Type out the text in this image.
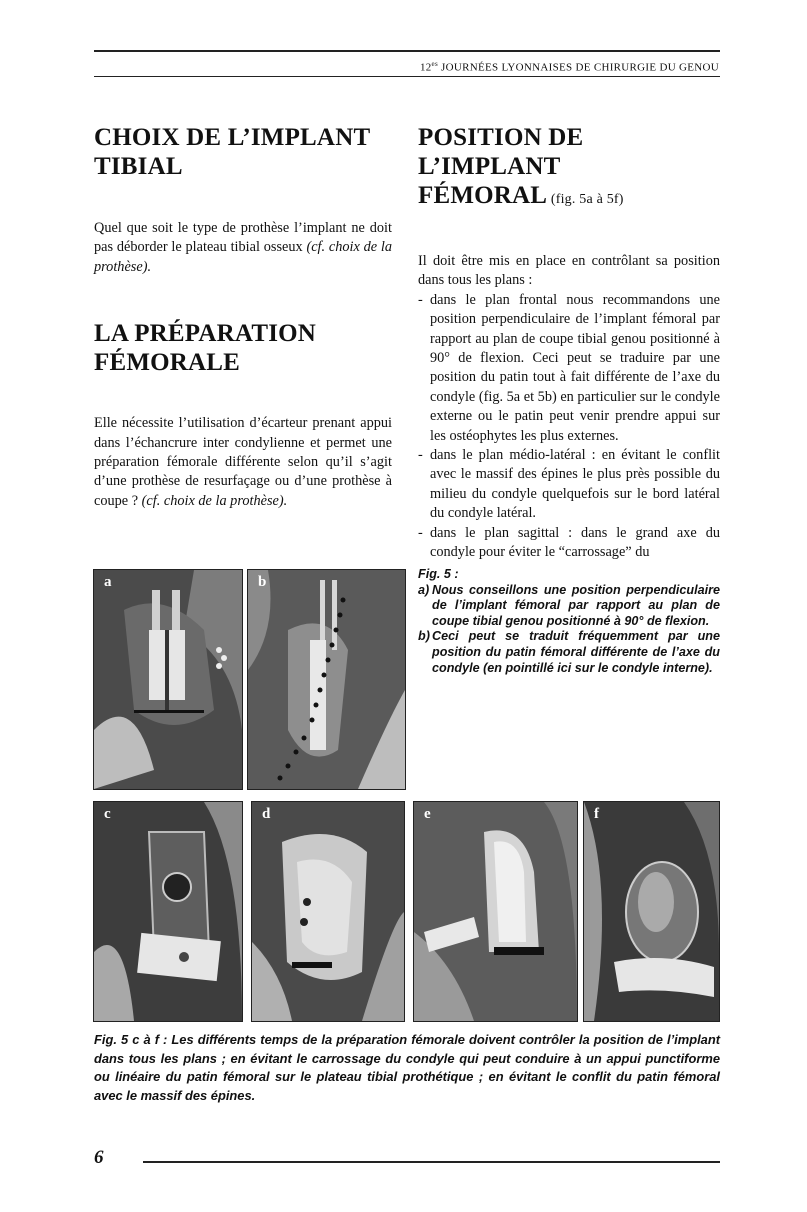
$12^{es}$ JOURNÉES LYONNAISES DE CHIRURGIE DU GENOU
CHOIX DE L’IMPLANT
TIBIAL

Quel que soit le type de prothèse l’implant ne doit pas déborder le plateau tibial osseux (cf. choix de la prothèse).

LA PRÉPARATION
FÉMORALE

Elle nécessite l’utilisation d’écarteur prenant appui dans l’échancrure inter condylienne et permet une préparation fémorale différente selon qu’il s’agit d’une prothèse de resurfaçage ou d’une prothèse à coupe ? (cf. choix de la prothèse).

POSITION DE L’IMPLANT
FÉMORAL (fig. 5a à 5f)

Il doit être mis en place en contrôlant sa position dans tous les plans :

- dans le plan frontal nous recommandons une position perpendiculaire de l’implant fémoral par rapport au plan de coupe tibial genou positionné à 90° de flexion. Ceci peut se traduire par une position du patin tout à fait différente de l’axe du condyle (fig. 5a et 5b) en particulier sur le condyle externe ou le patin peut venir prendre appui sur les ostéophytes les plus externes.
- dans le plan médio-latéral : en évitant le conflit avec le massif des épines le plus près possible du milieu du condyle quelquefois sur le bord latéral du condyle latéral.
- dans le plan sagittal : dans le grand axe du condyle pour éviter le “carrossage” du
a	b	Fig. 5 :
a) Nous conseillons une position perpendiculaire de l’implant fémoral par rapport au plan de coupe tibial genou positionné à 90° de flexion.
b) Ceci peut se traduit fréquemment par une position du patin fémoral différente de l’axe du condyle (en pointillé ici sur le condyle interne).
c	d	e	f
Fig. 5 c à f : Les différents temps de la préparation fémorale doivent contrôler la position de l’implant dans tous les plans ; en évitant le carrossage du condyle qui peut conduire à un appui punctiforme ou linéaire du patin fémoral sur le plateau tibial prothétique ; en évitant le conflit du patin fémoral avec le massif des épines.
6
